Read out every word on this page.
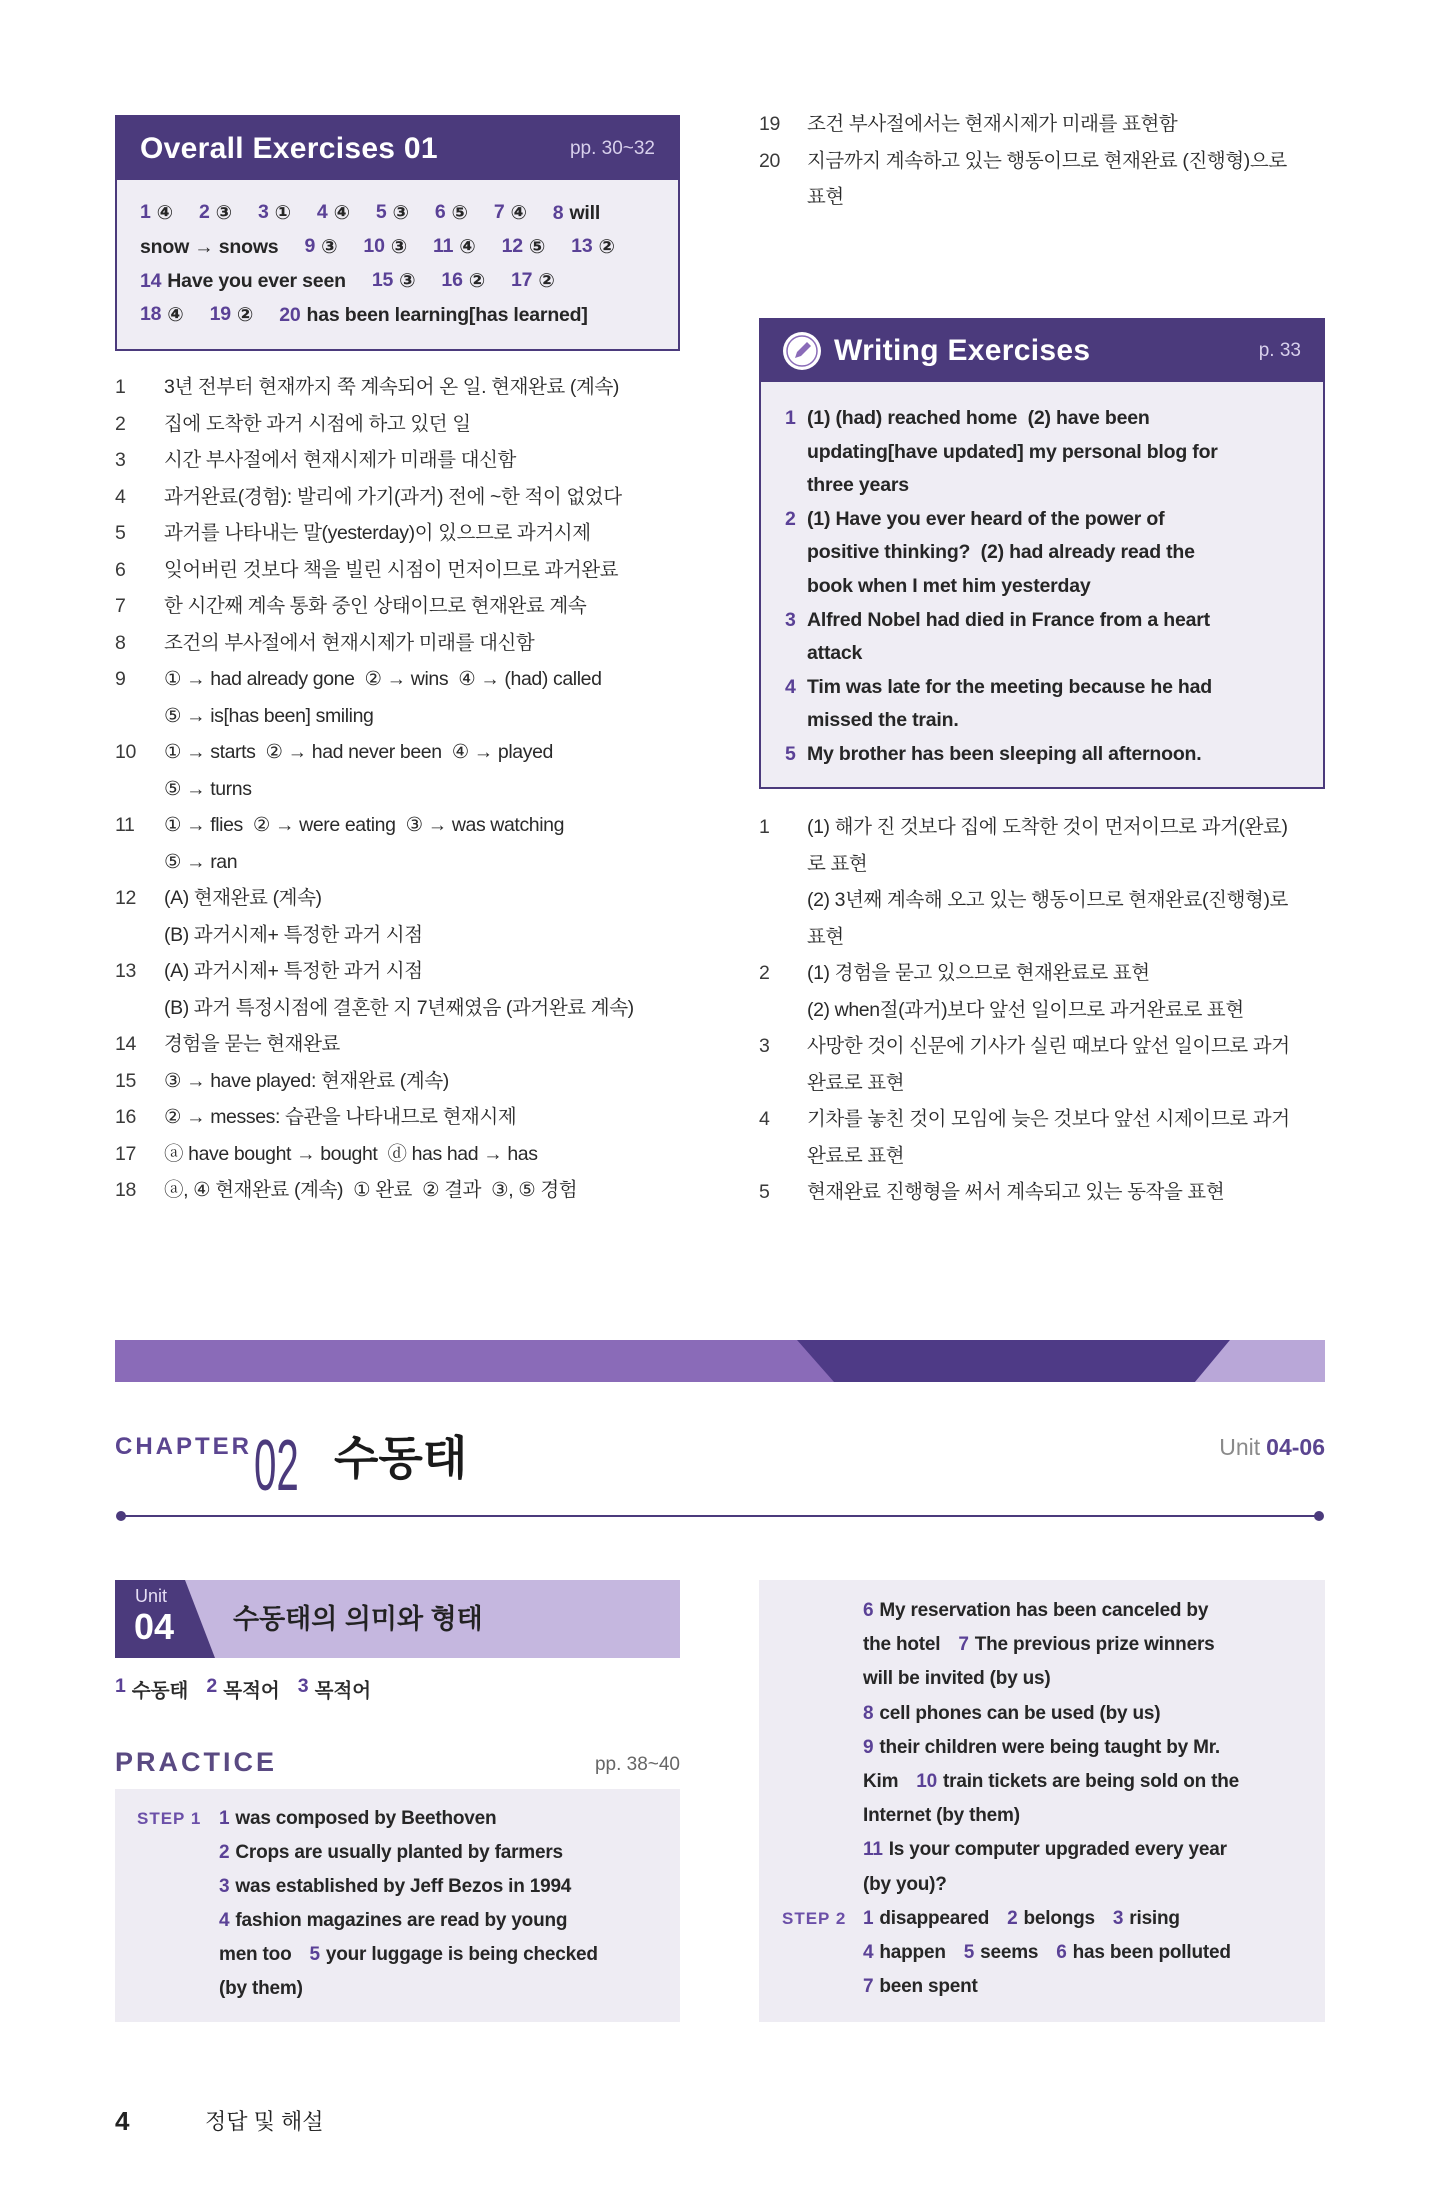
Overall Exercises 01	pp. 30~32
1 ④ 2 ③ 3 ① 4 ④ 5 ③ 6 ⑤ 7 ④ 8 will
snow → snows 9 ③ 10 ③ 11 ④ 12 ⑤ 13 ②
14 Have you ever seen 15 ③ 16 ② 17 ②
18 ④ 19 ② 20 has been learning[has learned]
1	3년 전부터 현재까지 쭉 계속되어 온 일. 현재완료 (계속)
2	집에 도착한 과거 시점에 하고 있던 일
3	시간 부사절에서 현재시제가 미래를 대신함
4	과거완료(경험): 발리에 가기(과거) 전에 ~한 적이 없었다
5	과거를 나타내는 말(yesterday)이 있으므로 과거시제
6	잊어버린 것보다 책을 빌린 시점이 먼저이므로 과거완료
7	한 시간째 계속 통화 중인 상태이므로 현재완료 계속
8	조건의 부사절에서 현재시제가 미래를 대신함
9	① → had already gone  ② → wins  ④ → (had) called
⑤ → is[has been] smiling
10	① → starts  ② → had never been  ④ → played
⑤ → turns
11	① → flies  ② → were eating  ③ → was watching
⑤ → ran
12	(A) 현재완료 (계속)
(B) 과거시제+ 특정한 과거 시점
13	(A) 과거시제+ 특정한 과거 시점
(B) 과거 특정시점에 결혼한 지 7년째였음 (과거완료 계속)
14	경험을 묻는 현재완료
15	③ → have played: 현재완료 (계속)
16	② → messes: 습관을 나타내므로 현재시제
17	ⓐ have bought → bought  ⓓ has had → has
18	ⓐ, ④ 현재완료 (계속)  ① 완료  ② 결과  ③, ⑤ 경험
19	조건 부사절에서는 현재시제가 미래를 표현함
20	지금까지 계속하고 있는 행동이므로 현재완료 (진행형)으로
표현
Writing Exercises	p. 33
1 (1) (had) reached home  (2) have been
updating[have updated] my personal blog for
three years
2 (1) Have you ever heard of the power of
positive thinking?  (2) had already read the
book when I met him yesterday
3 Alfred Nobel had died in France from a heart
attack
4 Tim was late for the meeting because he had
missed the train.
5 My brother has been sleeping all afternoon.
1	(1) 해가 진 것보다 집에 도착한 것이 먼저이므로 과거(완료)
로 표현
(2) 3년째 계속해 오고 있는 행동이므로 현재완료(진행형)로
표현
2	(1) 경험을 묻고 있으므로 현재완료로 표현
(2) when절(과거)보다 앞선 일이므로 과거완료로 표현
3	사망한 것이 신문에 기사가 실린 때보다 앞선 일이므로 과거
완료로 표현
4	기차를 놓친 것이 모임에 늦은 것보다 앞선 시제이므로 과거
완료로 표현
5	현재완료 진행형을 써서 계속되고 있는 동작을 표현
CHAPTER 02 수동태	Unit 04-06
Unit
04 수동태의 의미와 형태
1 수동태 2 목적어 3 목적어
PRACTICE	pp. 38~40
STEP 1 1 was composed by Beethoven
2 Crops are usually planted by farmers
3 was established by Jeff Bezos in 1994
4 fashion magazines are read by young
men too 5 your luggage is being checked
(by them)
6 My reservation has been canceled by
the hotel 7 The previous prize winners
will be invited (by us)
8 cell phones can be used (by us)
9 their children were being taught by Mr.
Kim 10 train tickets are being sold on the
Internet (by them)
11 Is your computer upgraded every year
(by you)?
STEP 2 1 disappeared 2 belongs 3 rising
4 happen 5 seems 6 has been polluted
7 been spent
4	정답 및 해설
